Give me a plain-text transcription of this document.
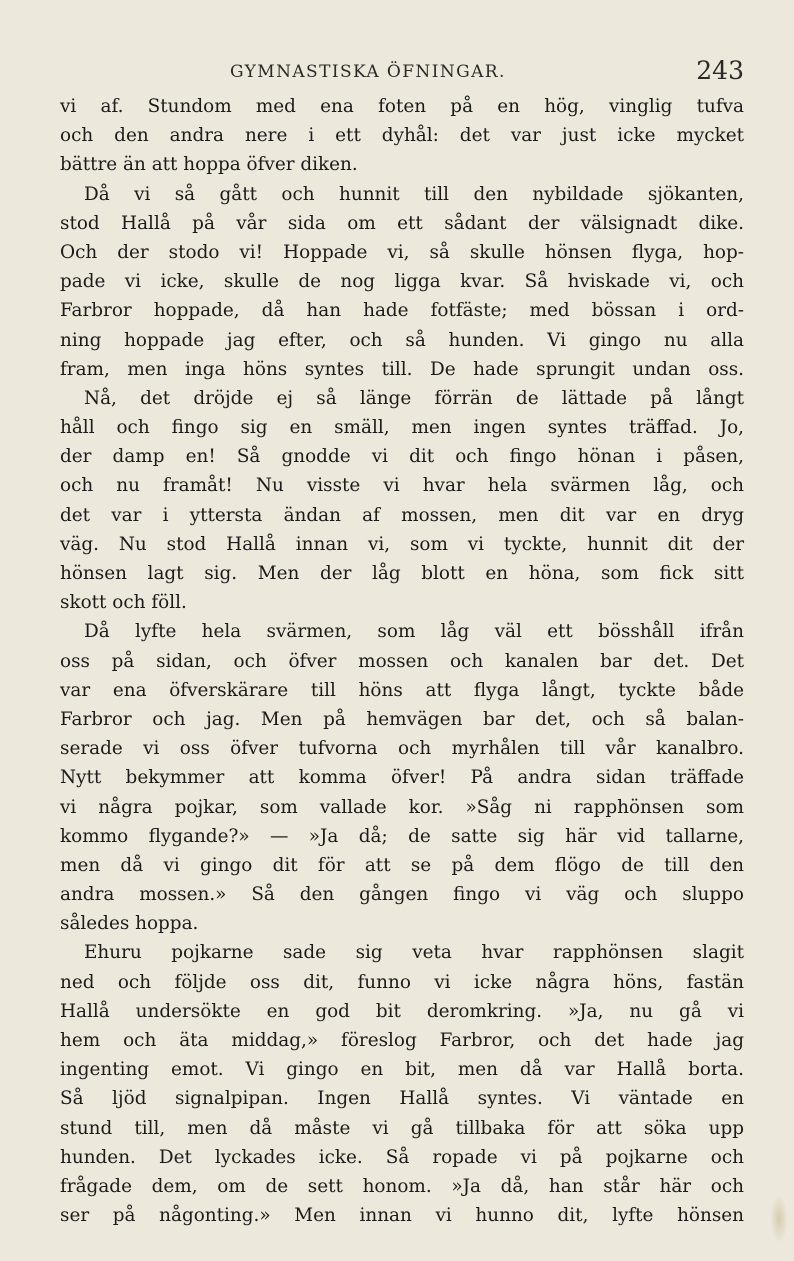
GYMNASTISKA ÖFNINGAR.	243
vi af. Stundom med ena foten på en hög, vinglig tufva
och den andra nere i ett dyhål: det var just icke mycket
bättre än att hoppa öfver diken.
Då vi så gått och hunnit till den nybildade sjökanten,
stod Hallå på vår sida om ett sådant der välsignadt dike.
Och der stodo vi! Hoppade vi, så skulle hönsen flyga, hop-
pade vi icke, skulle de nog ligga kvar. Så hviskade vi, och
Farbror hoppade, då han hade fotfäste; med bössan i ord-
ning hoppade jag efter, och så hunden. Vi gingo nu alla
fram, men inga höns syntes till. De hade sprungit undan oss.
Nå, det dröjde ej så länge förrän de lättade på långt
håll och fingo sig en smäll, men ingen syntes träffad. Jo,
der damp en! Så gnodde vi dit och fingo hönan i påsen,
och nu framåt! Nu visste vi hvar hela svärmen låg, och
det var i yttersta ändan af mossen, men dit var en dryg
väg. Nu stod Hallå innan vi, som vi tyckte, hunnit dit der
hönsen lagt sig. Men der låg blott en höna, som fick sitt
skott och föll.
Då lyfte hela svärmen, som låg väl ett bösshåll ifrån
oss på sidan, och öfver mossen och kanalen bar det. Det
var ena öfverskärare till höns att flyga långt, tyckte både
Farbror och jag. Men på hemvägen bar det, och så balan-
serade vi oss öfver tufvorna och myrhålen till vår kanalbro.
Nytt bekymmer att komma öfver! På andra sidan träffade
vi några pojkar, som vallade kor. »Såg ni rapphönsen som
kommo flygande?» — »Ja då; de satte sig här vid tallarne,
men då vi gingo dit för att se på dem flögo de till den
andra mossen.» Så den gången fingo vi väg och sluppo
således hoppa.
Ehuru pojkarne sade sig veta hvar rapphönsen slagit
ned och följde oss dit, funno vi icke några höns, fastän
Hallå undersökte en god bit deromkring. »Ja, nu gå vi
hem och äta middag,» föreslog Farbror, och det hade jag
ingenting emot. Vi gingo en bit, men då var Hallå borta.
Så ljöd signalpipan. Ingen Hallå syntes. Vi väntade en
stund till, men då måste vi gå tillbaka för att söka upp
hunden. Det lyckades icke. Så ropade vi på pojkarne och
frågade dem, om de sett honom. »Ja då, han står här och
ser på någonting.» Men innan vi hunno dit, lyfte hönsen
